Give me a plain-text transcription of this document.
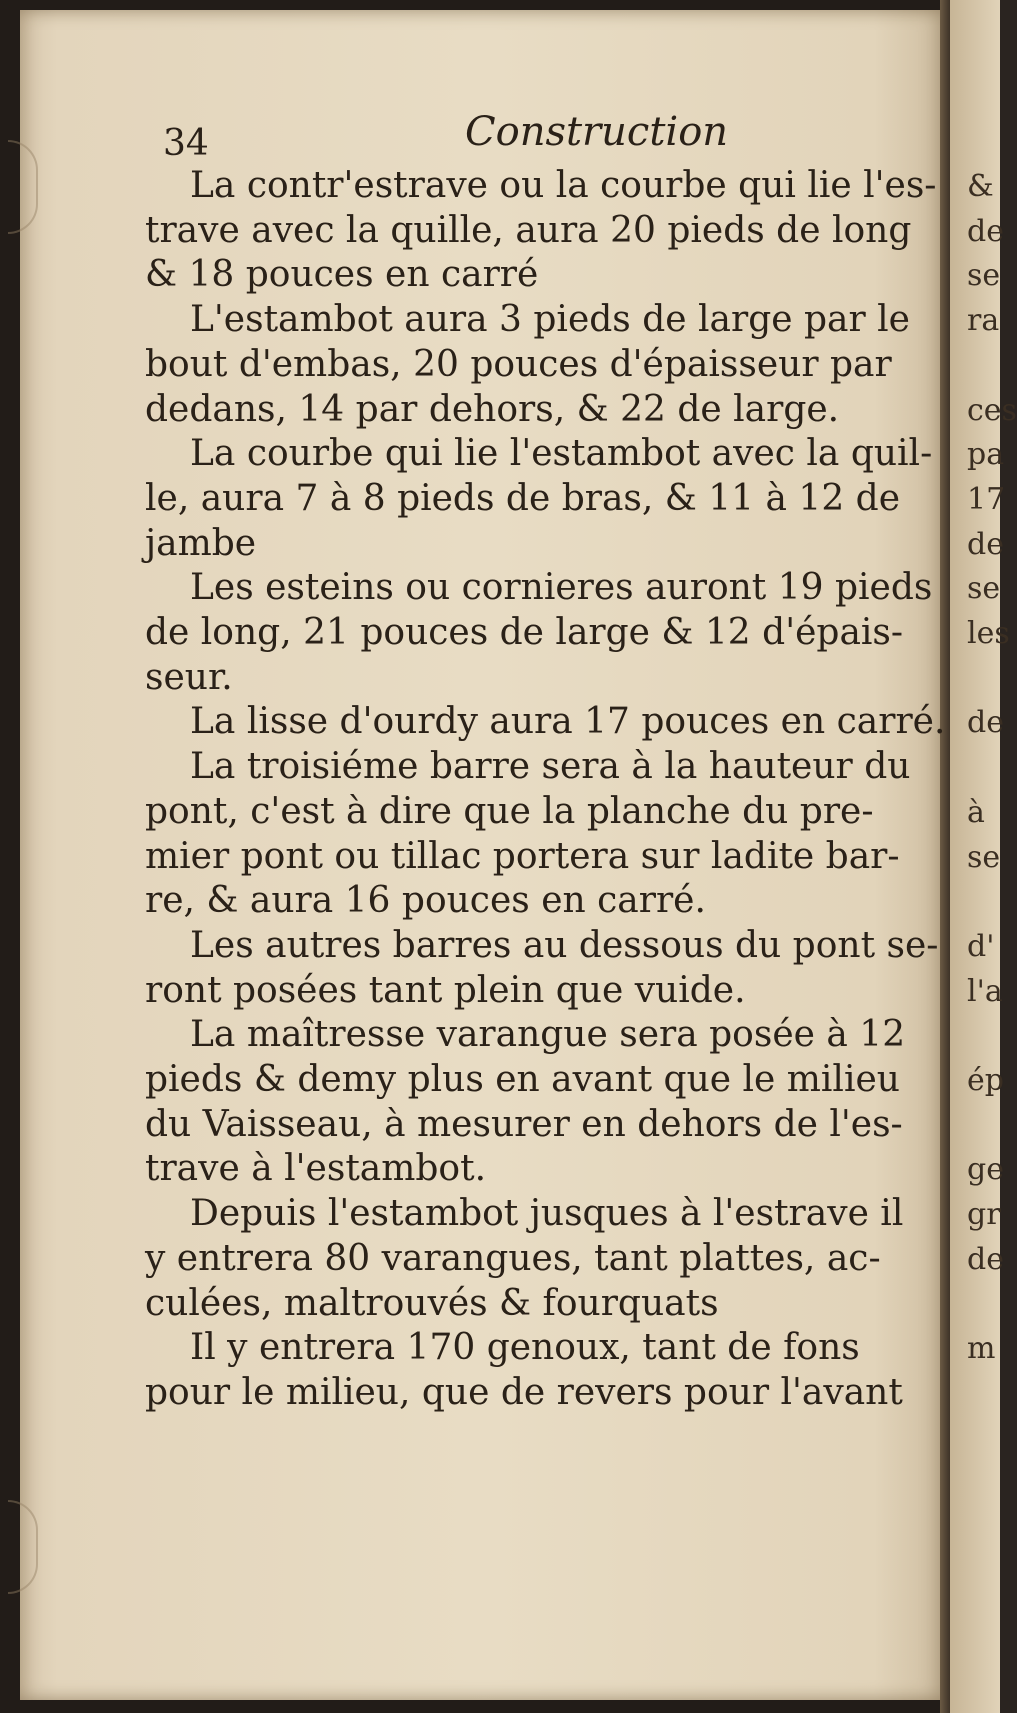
34	Construction

La contr'estrave ou la courbe qui lie l'es-
trave avec la quille, aura 20 pieds de long
& 18 pouces en carré

L'estambot aura 3 pieds de large par le
bout d'embas, 20 pouces d'épaisseur par
dedans, 14 par dehors, & 22 de large.

La courbe qui lie l'estambot avec la quil-
le, aura 7 à 8 pieds de bras, & 11 à 12 de
jambe

Les esteins ou cornieres auront 19 pieds
de long, 21 pouces de large & 12 d'épais-
seur.

La lisse d'ourdy aura 17 pouces en carré.

La troisiéme barre sera à la hauteur du
pont, c'est à dire que la planche du pre-
mier pont ou tillac portera sur ladite bar-
re, & aura 16 pouces en carré.

Les autres barres au dessous du pont se-
ront posées tant plein que vuide.

La maîtresse varangue sera posée à 12
pieds & demy plus en avant que le milieu
du Vaisseau, à mesurer en dehors de l'es-
trave à l'estambot.

Depuis l'estambot jusques à l'estrave il
y entrera 80 varangues, tant plattes, ac-
culées, maltrouvés & fourquats

Il y entrera 170 genoux, tant de fons
pour le milieu, que de revers pour l'avant

&
de
se
ra

ces
pa
17
de
se
les

de

à
se

d'
l'a

ép

ge
gr
de

m
